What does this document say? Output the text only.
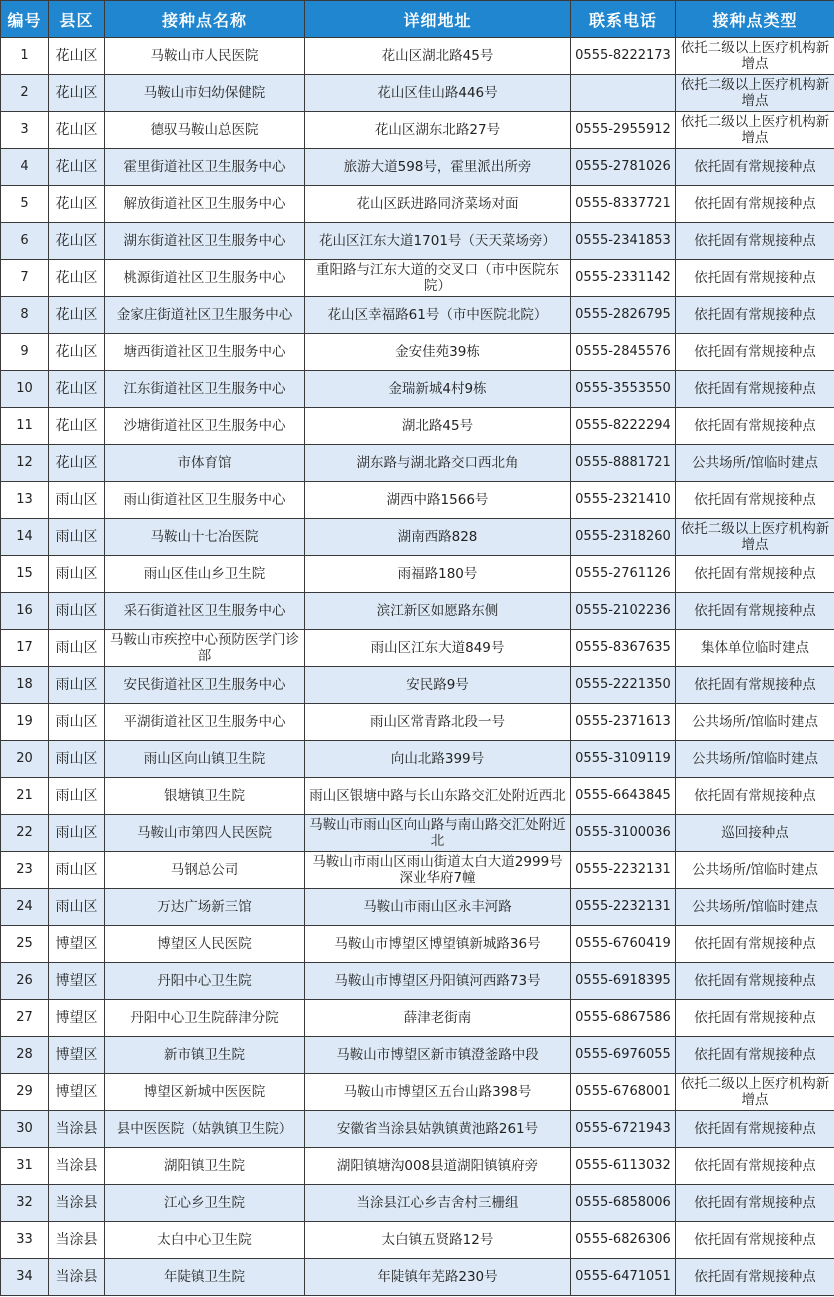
编号	县区	接种点名称	详细地址	联系电话	接种点类型
1	花山区	马鞍山市人民医院	花山区湖北路45号	0555-8222173	依托二级以上医疗机构新增点
2	花山区	马鞍山市妇幼保健院	花山区佳山路446号		依托二级以上医疗机构新增点
3	花山区	德驭马鞍山总医院	花山区湖东北路27号	0555-2955912	依托二级以上医疗机构新增点
4	花山区	霍里街道社区卫生服务中心	旅游大道598号，霍里派出所旁	0555-2781026	依托固有常规接种点
5	花山区	解放街道社区卫生服务中心	花山区跃进路同济菜场对面	0555-8337721	依托固有常规接种点
6	花山区	湖东街道社区卫生服务中心	花山区江东大道1701号（天天菜场旁）	0555-2341853	依托固有常规接种点
7	花山区	桃源街道社区卫生服务中心	重阳路与江东大道的交叉口（市中医院东院）	0555-2331142	依托固有常规接种点
8	花山区	金家庄街道社区卫生服务中心	花山区幸福路61号（市中医院北院）	0555-2826795	依托固有常规接种点
9	花山区	塘西街道社区卫生服务中心	金安佳苑39栋	0555-2845576	依托固有常规接种点
10	花山区	江东街道社区卫生服务中心	金瑞新城4村9栋	0555-3553550	依托固有常规接种点
11	花山区	沙塘街道社区卫生服务中心	湖北路45号	0555-8222294	依托固有常规接种点
12	花山区	市体育馆	湖东路与湖北路交口西北角	0555-8881721	公共场所/馆临时建点
13	雨山区	雨山街道社区卫生服务中心	湖西中路1566号	0555-2321410	依托固有常规接种点
14	雨山区	马鞍山十七冶医院	湖南西路828	0555-2318260	依托二级以上医疗机构新增点
15	雨山区	雨山区佳山乡卫生院	雨福路180号	0555-2761126	依托固有常规接种点
16	雨山区	采石街道社区卫生服务中心	滨江新区如愿路东侧	0555-2102236	依托固有常规接种点
17	雨山区	马鞍山市疾控中心预防医学门诊部	雨山区江东大道849号	0555-8367635	集体单位临时建点
18	雨山区	安民街道社区卫生服务中心	安民路9号	0555-2221350	依托固有常规接种点
19	雨山区	平湖街道社区卫生服务中心	雨山区常青路北段一号	0555-2371613	公共场所/馆临时建点
20	雨山区	雨山区向山镇卫生院	向山北路399号	0555-3109119	公共场所/馆临时建点
21	雨山区	银塘镇卫生院	雨山区银塘中路与长山东路交汇处附近西北	0555-6643845	依托固有常规接种点
22	雨山区	马鞍山市第四人民医院	马鞍山市雨山区向山路与南山路交汇处附近北	0555-3100036	巡回接种点
23	雨山区	马钢总公司	马鞍山市雨山区雨山街道太白大道2999号深业华府7幢	0555-2232131	公共场所/馆临时建点
24	雨山区	万达广场新三馆	马鞍山市雨山区永丰河路	0555-2232131	公共场所/馆临时建点
25	博望区	博望区人民医院	马鞍山市博望区博望镇新城路36号	0555-6760419	依托固有常规接种点
26	博望区	丹阳中心卫生院	马鞍山市博望区丹阳镇河西路73号	0555-6918395	依托固有常规接种点
27	博望区	丹阳中心卫生院薛津分院	薛津老街南	0555-6867586	依托固有常规接种点
28	博望区	新市镇卫生院	马鞍山市博望区新市镇澄釜路中段	0555-6976055	依托固有常规接种点
29	博望区	博望区新城中医医院	马鞍山市博望区五台山路398号	0555-6768001	依托二级以上医疗机构新增点
30	当涂县	县中医医院（姑孰镇卫生院）	安徽省当涂县姑孰镇黄池路261号	0555-6721943	依托固有常规接种点
31	当涂县	湖阳镇卫生院	湖阳镇塘沟008县道湖阳镇镇府旁	0555-6113032	依托固有常规接种点
32	当涂县	江心乡卫生院	当涂县江心乡吉舍村三栅组	0555-6858006	依托固有常规接种点
33	当涂县	太白中心卫生院	太白镇五贤路12号	0555-6826306	依托固有常规接种点
34	当涂县	年陡镇卫生院	年陡镇年芜路230号	0555-6471051	依托固有常规接种点
